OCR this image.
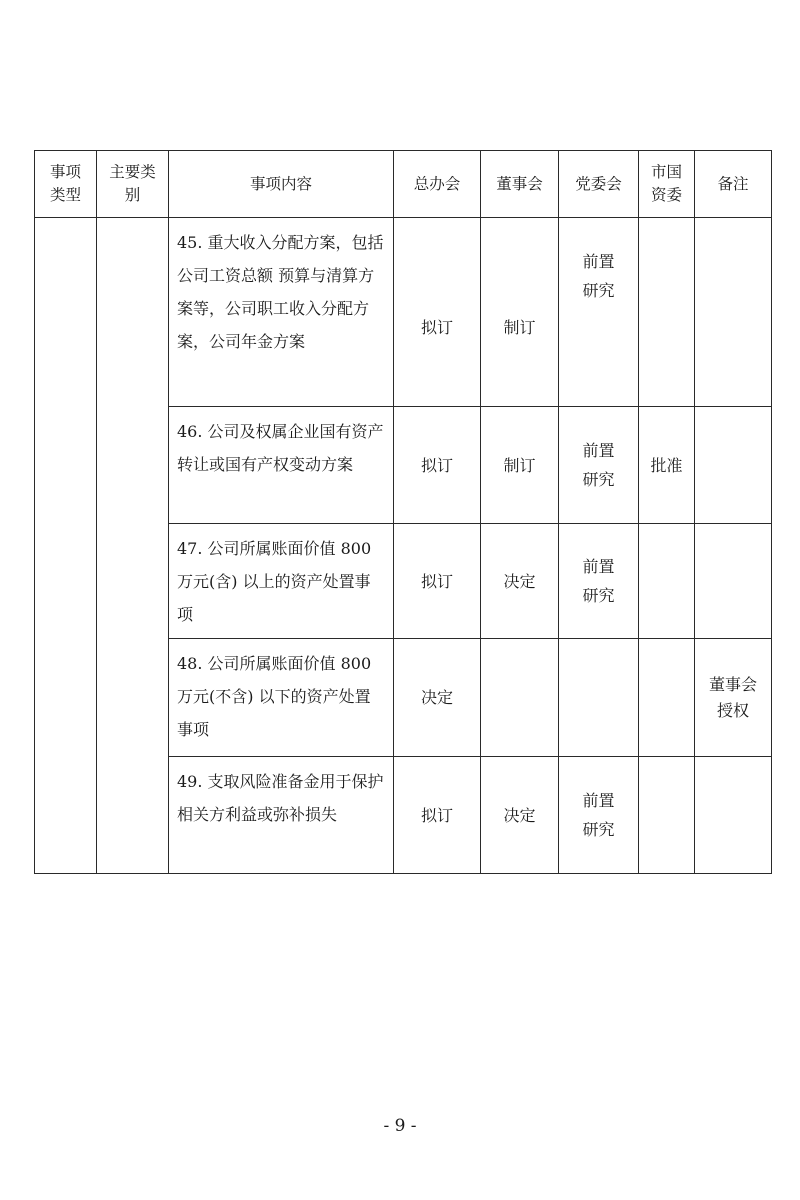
事项类型	主要类别	事项内容	总办会	董事会	党委会	市国资委	备注
		45. 重大收入分配方案，包括公司工资总额 预算与清算方案等，公司职工收入分配方案，公司年金方案	拟订	制订	前置研究		

		46. 公司及权属企业国有资产转让或国有产权变动方案	拟订	制订	前置研究	批准	
		47. 公司所属账面价值 800 万元(含) 以上的资产处置事项	拟订	决定	前置研究		
		48. 公司所属账面价值 800 万元(不含) 以下的资产处置事项	决定				董事会授权
		49. 支取风险准备金用于保护相关方利益或弥补损失	拟订	决定	前置研究		
- 9 -
